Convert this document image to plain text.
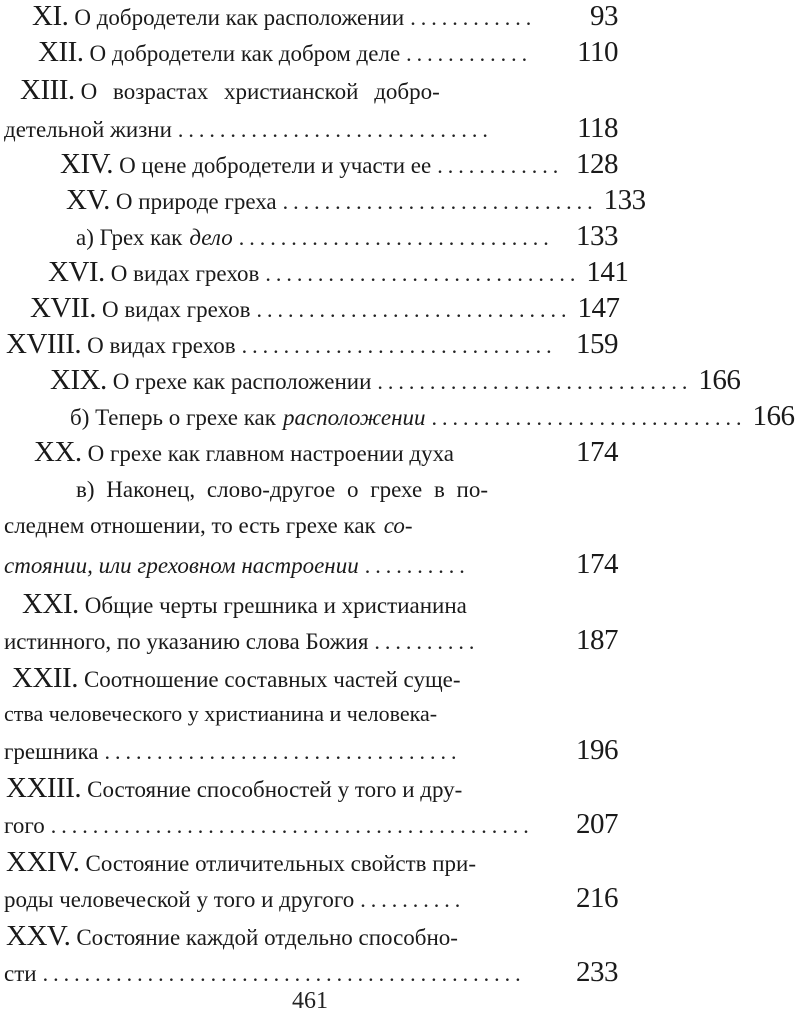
XI. О добродетели как расположении ............	93
XII. О добродетели как добром деле ............	110
XIII. О возрастах христианской добро-
детельной жизни ..............................	118
XIV. О цене добродетели и участи ее ............ 128
XV. О природе греха .............................. 133
а) Грех как дело .............................. 133
XVI. О видах грехов .............................. 141
XVII. О видах грехов .............................. 147
XVIII. О видах грехов .............................. 159
XIX. О грехе как расположении .............................. 166
б) Теперь о грехе как расположении .............................. 166
XX. О грехе как главном настроении духа	174
в) Наконец, слово-другое о грехе в по-
следнем отношении, то есть грехе как со-
стоянии, или греховном настроении ..........	174
XXI. Общие черты грешника и христианина
истинного, по указанию слова Божия ..........	187
XXII. Соотношение составных частей суще-
ства человеческого у христианина и человека-
грешника ..................................	196
XXIII. Состояние способностей у того и дру-
гого ..............................................	207
XXIV. Состояние отличительных свойств при-
роды человеческой у того и другого ..........	216
XXV. Состояние каждой отдельно способно-
сти ..............................................	233
461
